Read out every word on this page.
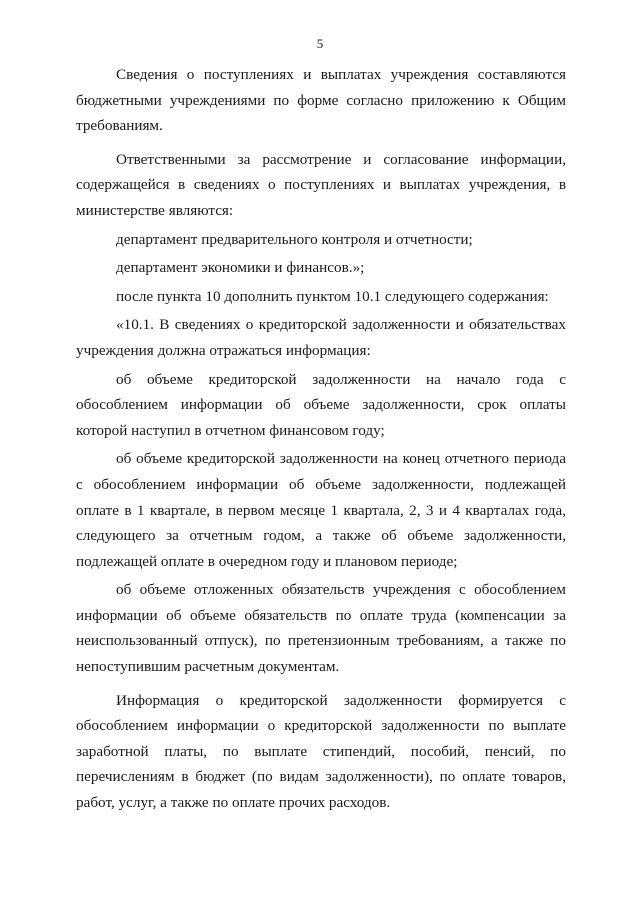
5

Сведения о поступлениях и выплатах учреждения составляются бюджетными учреждениями по форме согласно приложению к Общим требованиям.

Ответственными за рассмотрение и согласование информации, содержащейся в сведениях о поступлениях и выплатах учреждения, в министерстве являются:

департамент предварительного контроля и отчетности;

департамент экономики и финансов.»;

после пункта 10 дополнить пунктом 10.1 следующего содержания:

«10.1. В сведениях о кредиторской задолженности и обязательствах учреждения должна отражаться информация:

об объеме кредиторской задолженности на начало года с обособлением информации об объеме задолженности, срок оплаты которой наступил в отчетном финансовом году;

об объеме кредиторской задолженности на конец отчетного периода с обособлением информации об объеме задолженности, подлежащей оплате в 1 квартале, в первом месяце 1 квартала, 2, 3 и 4 кварталах года, следующего за отчетным годом, а также об объеме задолженности, подлежащей оплате в очередном году и плановом периоде;

об объеме отложенных обязательств учреждения с обособлением информации об объеме обязательств по оплате труда (компенсации за неиспользованный отпуск), по претензионным требованиям, а также по непоступившим расчетным документам.

Информация о кредиторской задолженности формируется с обособлением информации о кредиторской задолженности по выплате заработной платы, по выплате стипендий, пособий, пенсий, по перечислениям в бюджет (по видам задолженности), по оплате товаров, работ, услуг, а также по оплате прочих расходов.
